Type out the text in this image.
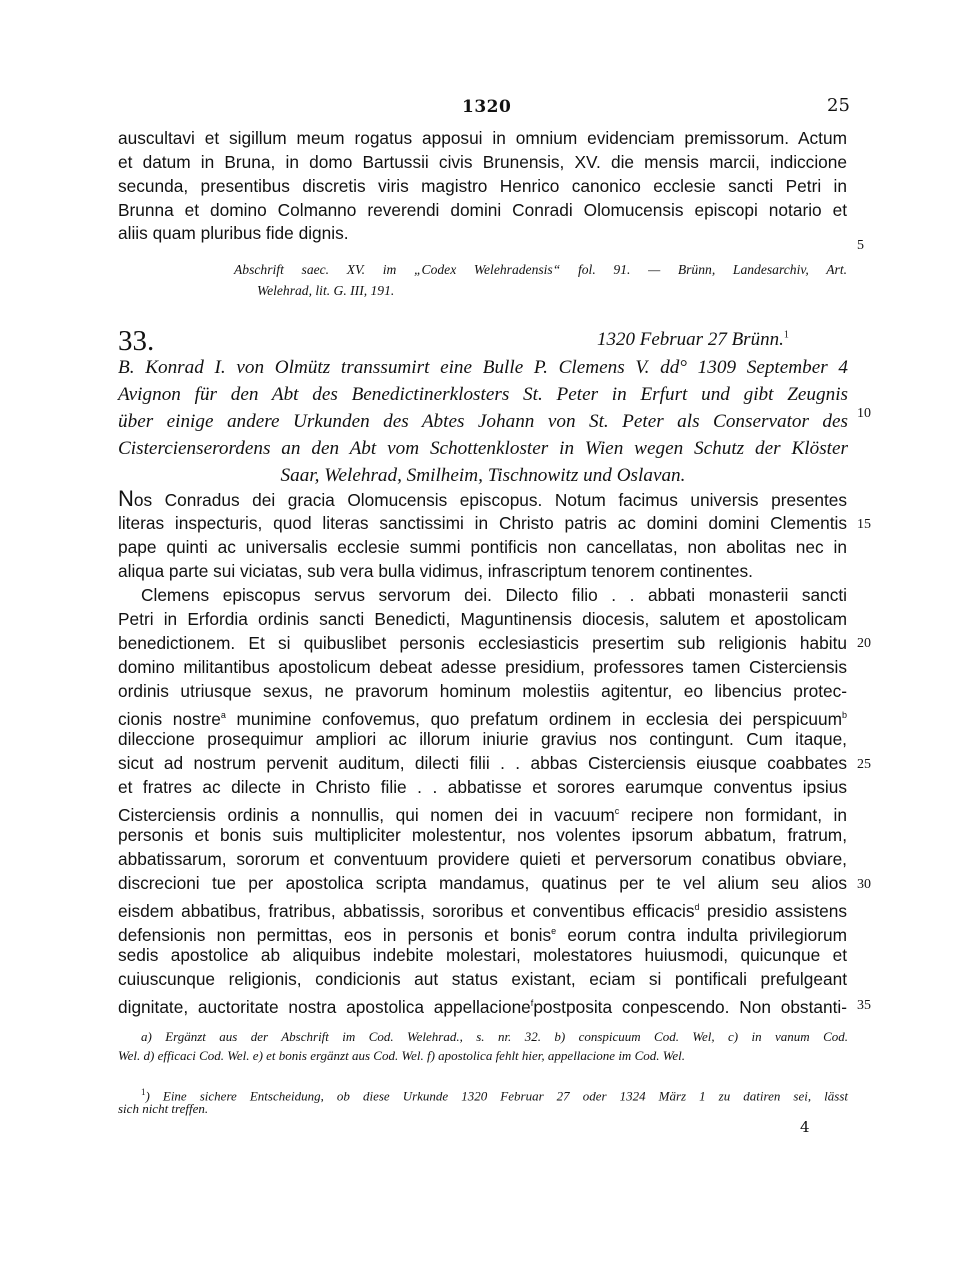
1320	25
auscultavi et sigillum meum rogatus apposui in omnium evidenciam premissorum. Actum
et datum in Bruna, in domo Bartussii civis Brunensis, XV. die mensis marcii, indiccione
secunda, presentibus discretis viris magistro Henrico canonico ecclesie sancti Petri in
Brunna et domino Colmanno reverendi domini Conradi Olomucensis episcopi notario et
aliis quam pluribus fide dignis.
Abschrift saec. XV. im „Codex Welehradensis“ fol. 91. — Brünn, Landesarchiv, Art.
Welehrad, lit. G. III, 191.
33.	1320 Februar 27 Brünn.$^1$
B. Konrad I. von Olmütz transsumirt eine Bulle P. Clemens V. dd° 1309 September 4
Avignon für den Abt des Benedictinerklosters St. Peter in Erfurt und gibt Zeugnis
über einige andere Urkunden des Abtes Johann von St. Peter als Conservator des
Cistercienserordens an den Abt vom Schottenkloster in Wien wegen Schutz der Klöster
Saar, Welehrad, Smilheim, Tischnowitz und Oslavan.
Nos Conradus dei gracia Olomucensis episcopus. Notum facimus universis presentes
literas inspecturis, quod literas sanctissimi in Christo patris ac domini domini Clementis
pape quinti ac universalis ecclesie summi pontificis non cancellatas, non abolitas nec in
aliqua parte sui viciatas, sub vera bulla vidimus, infrascriptum tenorem continentes.
Clemens episcopus servus servorum dei. Dilecto filio . . abbati monasterii sancti
Petri in Erfordia ordinis sancti Benedicti, Maguntinensis diocesis, salutem et apostolicam
benedictionem. Et si quibuslibet personis ecclesiasticis presertim sub religionis habitu
domino militantibus apostolicum debeat adesse presidium, professores tamen Cisterciensis
ordinis utriusque sexus, ne pravorum hominum molestiis agitentur, eo libencius protec-
cionis nostre$^a$ munimine confovemus, quo prefatum ordinem in ecclesia dei perspicuum$^b$
dileccione prosequimur ampliori ac illorum iniurie gravius nos contingunt. Cum itaque,
sicut ad nostrum pervenit auditum, dilecti filii . . abbas Cisterciensis eiusque coabbates
et fratres ac dilecte in Christo filie . . abbatisse et sorores earumque conventus ipsius
Cisterciensis ordinis a nonnullis, qui nomen dei in vacuum$^c$ recipere non formidant, in
personis et bonis suis multipliciter molestentur, nos volentes ipsorum abbatum, fratrum,
abbatissarum, sororum et conventuum providere quieti et perversorum conatibus obviare,
discrecioni tue per apostolica scripta mandamus, quatinus per te vel alium seu alios
eisdem abbatibus, fratribus, abbatissis, sororibus et conventibus efficacis$^d$ presidio assistens
defensionis non permittas, eos in personis et bonis$^e$ eorum contra indulta privilegiorum
sedis apostolice ab aliquibus indebite molestari, molestatores huiusmodi, quicunque et
cuiuscunque religionis, condicionis aut status existant, eciam si pontificali prefulgeant
dignitate, auctoritate nostra apostolica appellacione$^f$postposita conpescendo. Non obstanti-
5
10
15
20
25
30
35
a) Ergänzt aus der Abschrift im Cod. Welehrad., s. nr. 32. b) conspicuum Cod. Wel, c) in vanum Cod.
Wel. d) efficaci Cod. Wel. e) et bonis ergänzt aus Cod. Wel. f) apostolica fehlt hier, appellacione im Cod. Wel.
$^1$) Eine sichere Entscheidung, ob diese Urkunde 1320 Februar 27 oder 1324 März 1 zu datiren sei, lässt
sich nicht treffen.
4
